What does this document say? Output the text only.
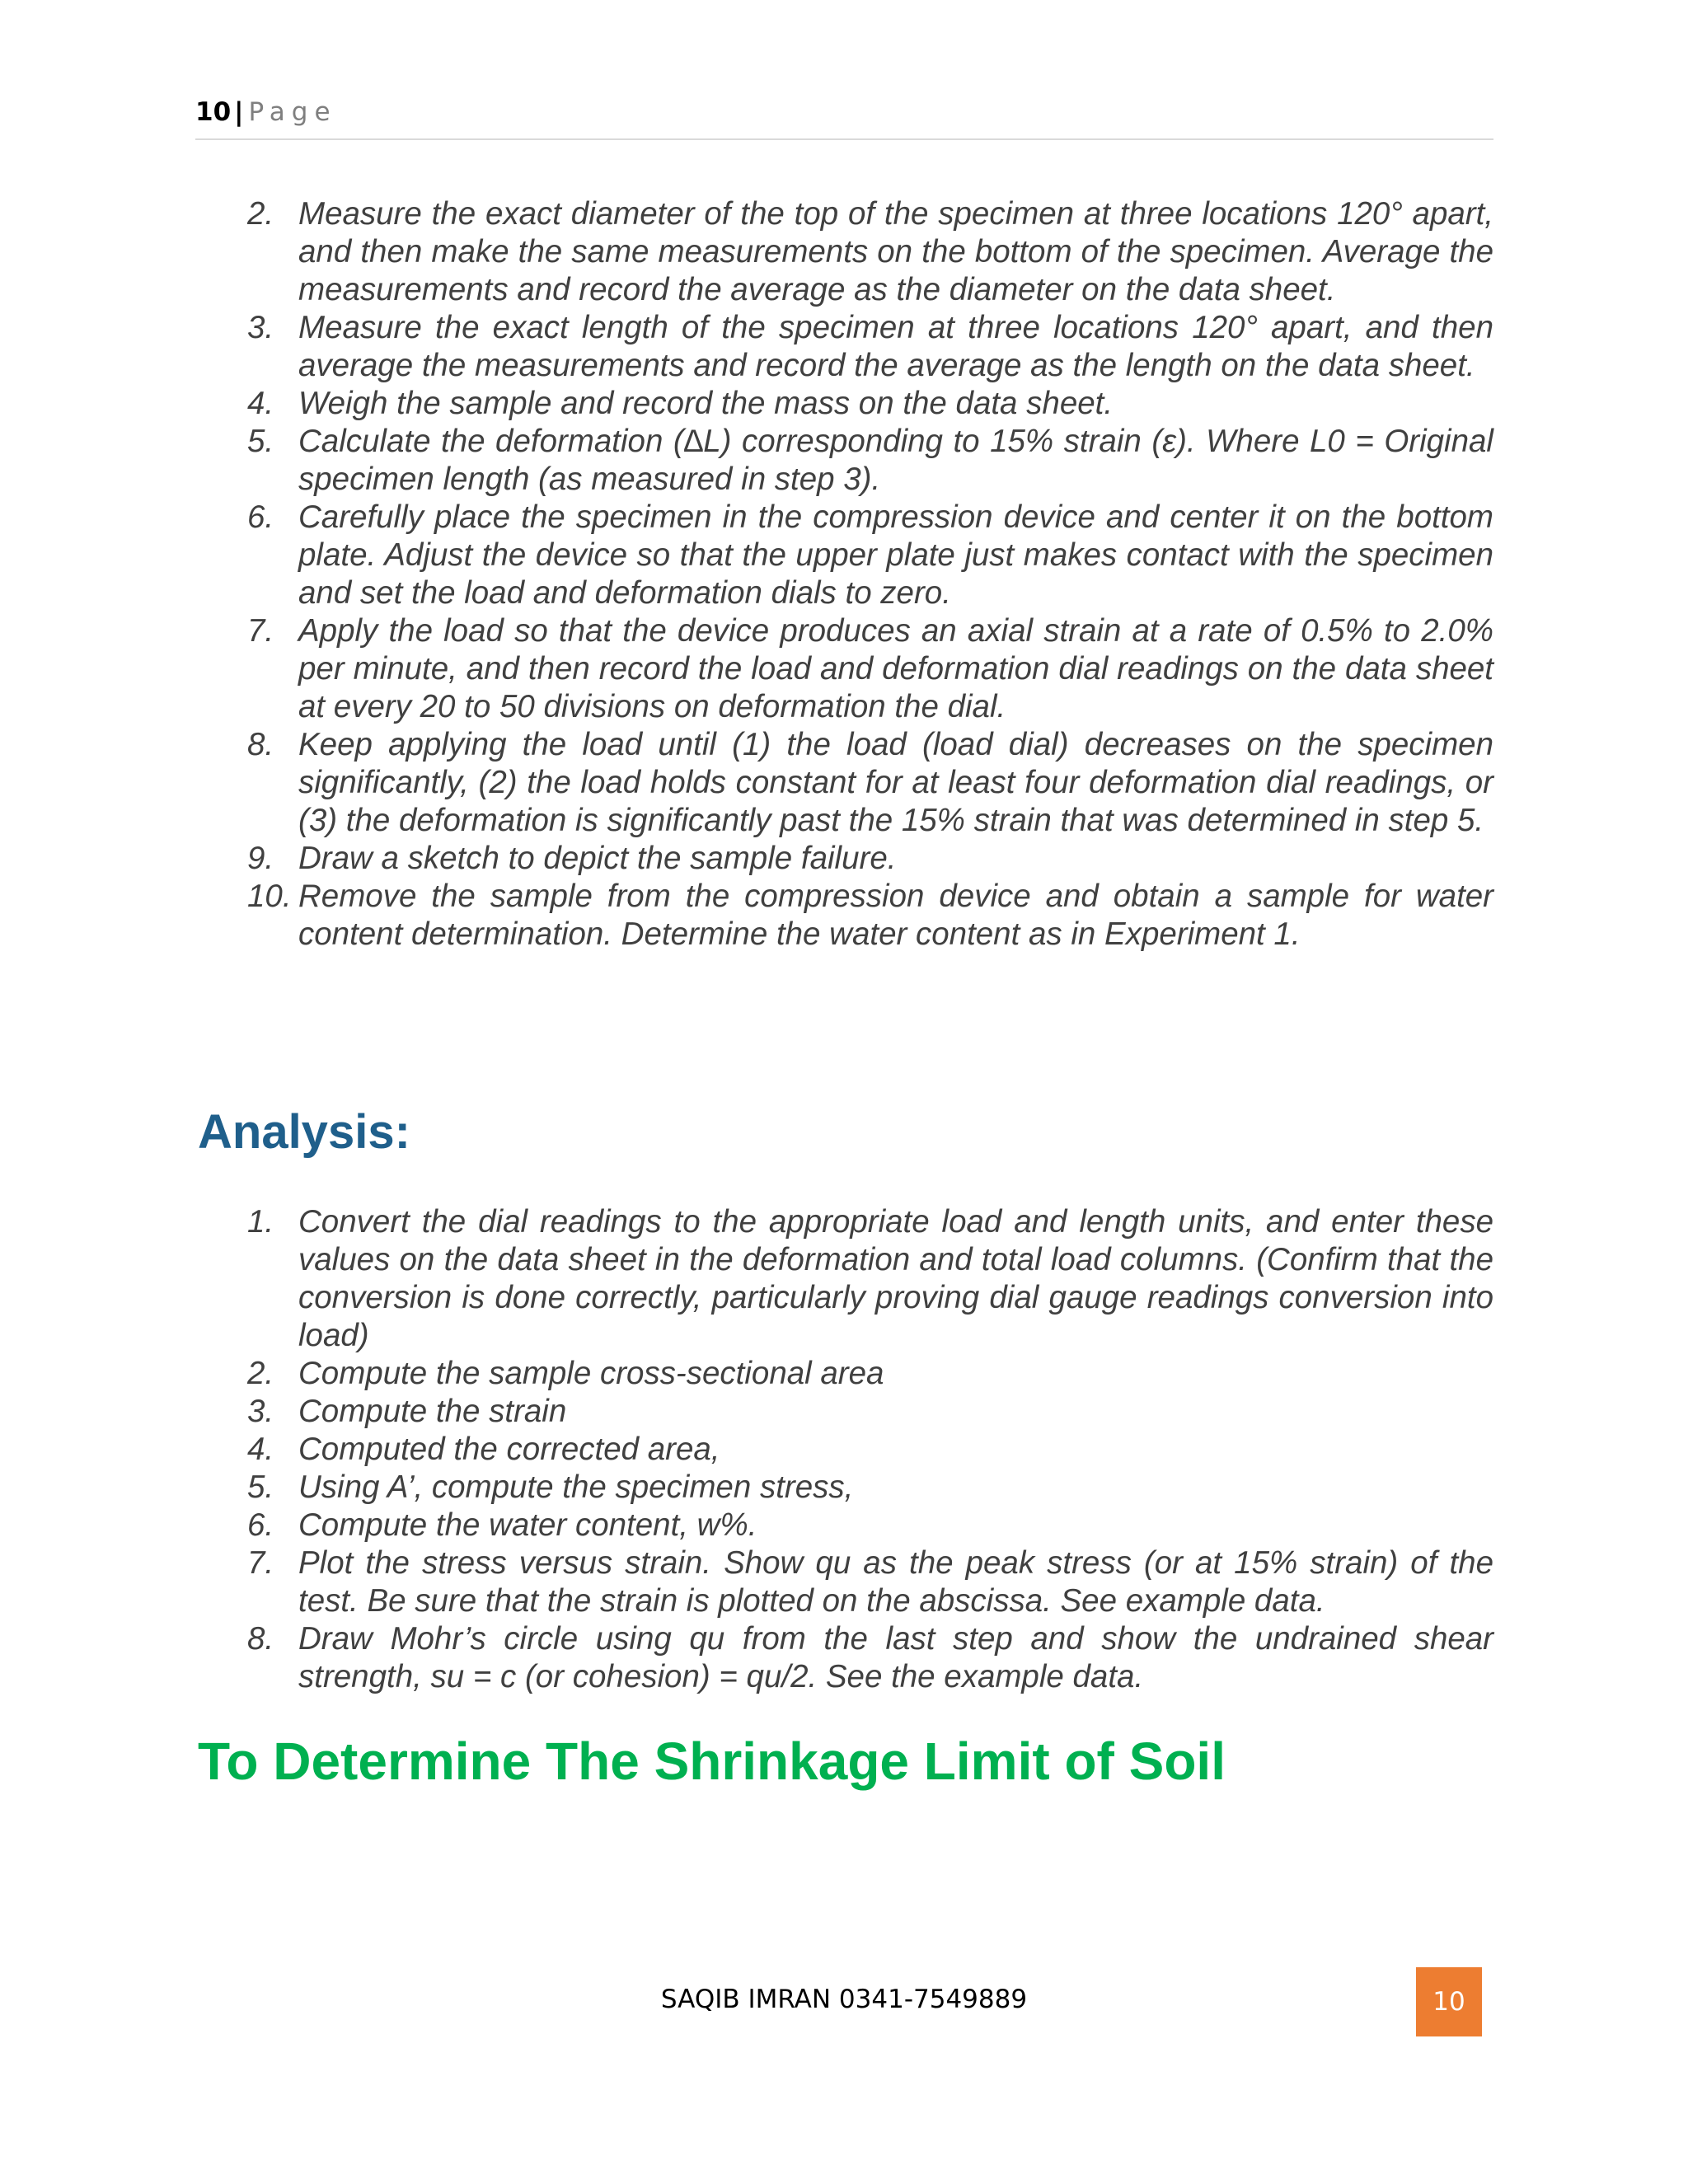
10 | Page
2. Measure the exact diameter of the top of the specimen at three locations 120° apart, and then make the same measurements on the bottom of the specimen. Average the measurements and record the average as the diameter on the data sheet.
3. Measure the exact length of the specimen at three locations 120° apart, and then average the measurements and record the average as the length on the data sheet.
4. Weigh the sample and record the mass on the data sheet.
5. Calculate the deformation (∆L) corresponding to 15% strain (ε). Where L0 = Original specimen length (as measured in step 3).
6. Carefully place the specimen in the compression device and center it on the bottom plate. Adjust the device so that the upper plate just makes contact with the specimen and set the load and deformation dials to zero.
7. Apply the load so that the device produces an axial strain at a rate of 0.5% to 2.0% per minute, and then record the load and deformation dial readings on the data sheet at every 20 to 50 divisions on deformation the dial.
8. Keep applying the load until (1) the load (load dial) decreases on the specimen significantly, (2) the load holds constant for at least four deformation dial readings, or (3) the deformation is significantly past the 15% strain that was determined in step 5.
9. Draw a sketch to depict the sample failure.
10. Remove the sample from the compression device and obtain a sample for water content determination. Determine the water content as in Experiment 1.
Analysis:
1. Convert the dial readings to the appropriate load and length units, and enter these values on the data sheet in the deformation and total load columns. (Confirm that the conversion is done correctly, particularly proving dial gauge readings conversion into load)
2. Compute the sample cross-sectional area
3. Compute the strain
4. Computed the corrected area,
5. Using A’, compute the specimen stress,
6. Compute the water content, w%.
7. Plot the stress versus strain. Show qu as the peak stress (or at 15% strain) of the test. Be sure that the strain is plotted on the abscissa. See example data.
8. Draw Mohr’s circle using qu from the last step and show the undrained shear strength, su = c (or cohesion) = qu/2. See the example data.
To Determine The Shrinkage Limit of Soil
SAQIB IMRAN 0341-7549889	10
